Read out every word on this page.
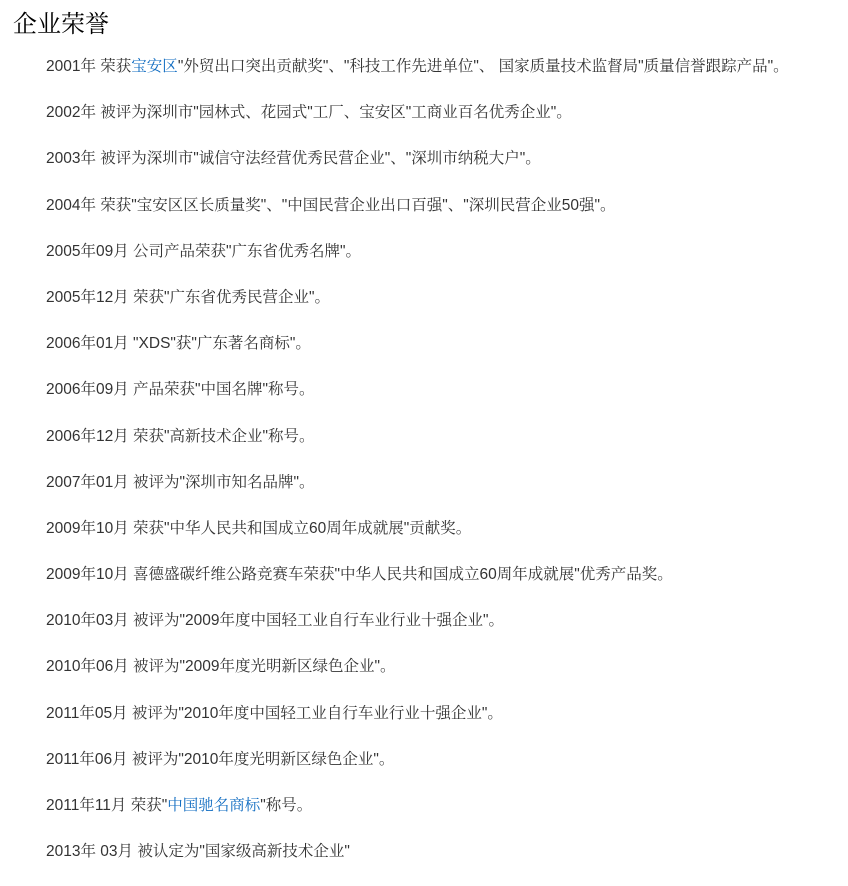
企业荣誉
2001年 荣获宝安区"外贸出口突出贡献奖"、"科技工作先进单位"、 国家质量技术监督局"质量信誉跟踪产品"。
2002年 被评为深圳市"园林式、花园式"工厂、宝安区"工商业百名优秀企业"。
2003年 被评为深圳市"诚信守法经营优秀民营企业"、"深圳市纳税大户"。
2004年 荣获"宝安区区长质量奖"、"中国民营企业出口百强"、"深圳民营企业50强"。
2005年09月 公司产品荣获"广东省优秀名牌"。
2005年12月 荣获"广东省优秀民营企业"。
2006年01月 "XDS"获"广东著名商标"。
2006年09月 产品荣获"中国名牌"称号。
2006年12月 荣获"高新技术企业"称号。
2007年01月 被评为"深圳市知名品牌"。
2009年10月 荣获"中华人民共和国成立60周年成就展"贡献奖。
2009年10月 喜德盛碳纤维公路竞赛车荣获"中华人民共和国成立60周年成就展"优秀产品奖。
2010年03月 被评为"2009年度中国轻工业自行车业行业十强企业"。
2010年06月 被评为"2009年度光明新区绿色企业"。
2011年05月 被评为"2010年度中国轻工业自行车业行业十强企业"。
2011年06月 被评为"2010年度光明新区绿色企业"。
2011年11月 荣获"中国驰名商标"称号。
2013年 03月 被认定为"国家级高新技术企业"
